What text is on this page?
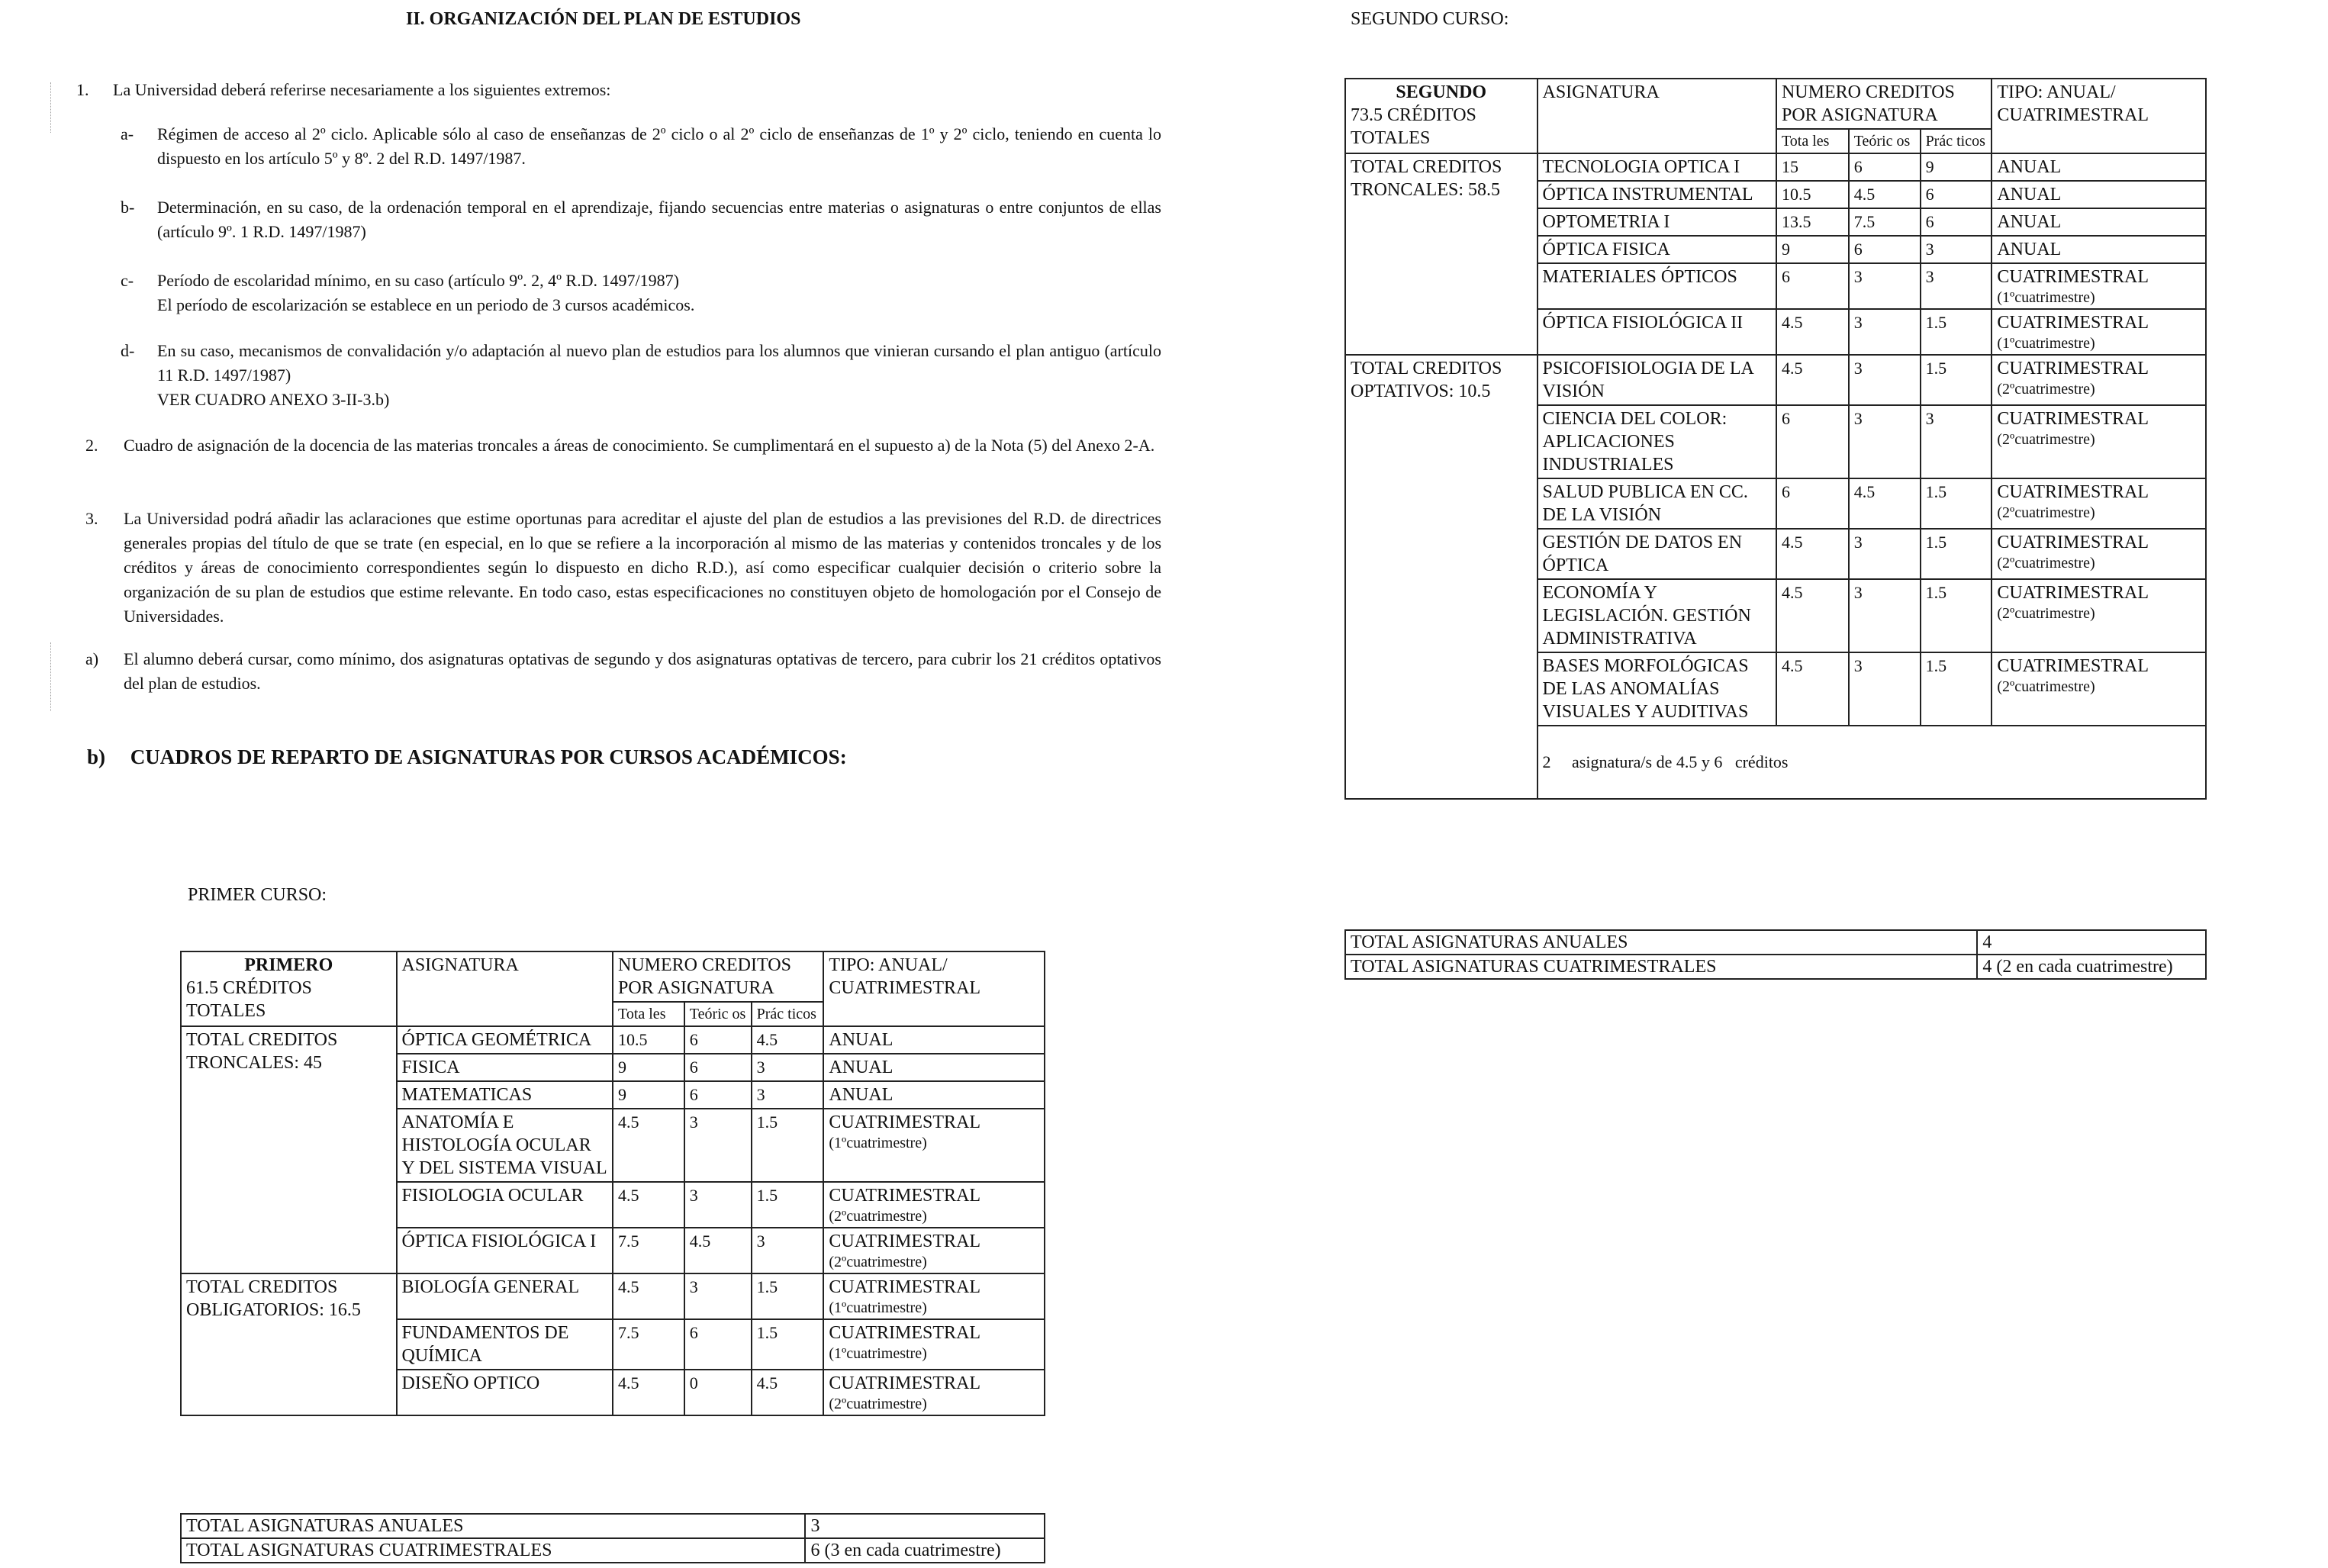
II. ORGANIZACIÓN DEL PLAN DE ESTUDIOS
1. La Universidad deberá referirse necesariamente a los siguientes extremos:
a- Régimen de acceso al 2º ciclo. Aplicable sólo al caso de enseñanzas de 2º ciclo o al 2º ciclo de enseñanzas de 1º y 2º ciclo, teniendo en cuenta lo dispuesto en los artículo 5º y 8º. 2 del R.D. 1497/1987.
b- Determinación, en su caso, de la ordenación temporal en el aprendizaje, fijando secuencias entre materias o asignaturas o entre conjuntos de ellas (artículo 9º. 1 R.D. 1497/1987)
c- Período de escolaridad mínimo, en su caso (artículo 9º. 2, 4º R.D. 1497/1987)
El período de escolarización se establece en un periodo de 3 cursos académicos.
d- En su caso, mecanismos de convalidación y/o adaptación al nuevo plan de estudios para los alumnos que vinieran cursando el plan antiguo (artículo 11 R.D. 1497/1987)
VER CUADRO ANEXO 3-II-3.b)
2. Cuadro de asignación de la docencia de las materias troncales a áreas de conocimiento. Se cumplimentará en el supuesto a) de la Nota (5) del Anexo 2-A.
3. La Universidad podrá añadir las aclaraciones que estime oportunas para acreditar el ajuste del plan de estudios a las previsiones del R.D. de directrices generales propias del título de que se trate (en especial, en lo que se refiere a la incorporación al mismo de las materias y contenidos troncales y de los créditos y áreas de conocimiento correspondientes según lo dispuesto en dicho R.D.), así como especificar cualquier decisión o criterio sobre la organización de su plan de estudios que estime relevante. En todo caso, estas especificaciones no constituyen objeto de homologación por el Consejo de Universidades.
a) El alumno deberá cursar, como mínimo, dos asignaturas optativas de segundo y dos asignaturas optativas de tercero, para cubrir los 21 créditos optativos del plan de estudios.
b) CUADROS DE REPARTO DE ASIGNATURAS POR CURSOS ACADÉMICOS:
PRIMER CURSO:
PRIMERO
61.5 CRÉDITOS
TOTALES	ASIGNATURA	NUMERO CREDITOS POR ASIGNATURA			TIPO: ANUAL/ CUATRIMESTRAL
		Tota les	Teóric os	Prác ticos	
TOTAL CREDITOS TRONCALES: 45	ÓPTICA GEOMÉTRICA	10.5	6	4.5	ANUAL

	FISICA	9	6	3	ANUAL

	MATEMATICAS	9	6	3	ANUAL

	ANATOMÍA E HISTOLOGÍA OCULAR Y DEL SISTEMA VISUAL	4.5	3	1.5	CUATRIMESTRAL
(1ºcuatrimestre)

	FISIOLOGIA OCULAR	4.5	3	1.5	CUATRIMESTRAL
(2ºcuatrimestre)

	ÓPTICA FISIOLÓGICA I	7.5	4.5	3	CUATRIMESTRAL
(2ºcuatrimestre)

TOTAL CREDITOS OBLIGATORIOS: 16.5	BIOLOGÍA GENERAL	4.5	3	1.5	CUATRIMESTRAL
(1ºcuatrimestre)

	FUNDAMENTOS DE QUÍMICA	7.5	6	1.5	CUATRIMESTRAL
(1ºcuatrimestre)

	DISEÑO OPTICO	4.5	0	4.5	CUATRIMESTRAL
(2ºcuatrimestre)
TOTAL ASIGNATURAS ANUALES	3
TOTAL ASIGNATURAS CUATRIMESTRALES	6 (3 en cada cuatrimestre)
SEGUNDO CURSO:
SEGUNDO
73.5 CRÉDITOS
TOTALES	ASIGNATURA	NUMERO CREDITOS POR ASIGNATURA			TIPO: ANUAL/ CUATRIMESTRAL
		Tota les	Teóric os	Prác ticos	
TOTAL CREDITOS TRONCALES: 58.5	TECNOLOGIA OPTICA I	15	6	9	ANUAL

	ÓPTICA INSTRUMENTAL	10.5	4.5	6	ANUAL

	OPTOMETRIA I	13.5	7.5	6	ANUAL

	ÓPTICA FISICA	9	6	3	ANUAL

	MATERIALES ÓPTICOS	6	3	3	CUATRIMESTRAL
(1ºcuatrimestre)

	ÓPTICA FISIOLÓGICA II	4.5	3	1.5	CUATRIMESTRAL
(1ºcuatrimestre)

TOTAL CREDITOS OPTATIVOS: 10.5	PSICOFISIOLOGIA DE LA VISIÓN	4.5	3	1.5	CUATRIMESTRAL
(2ºcuatrimestre)

	CIENCIA DEL COLOR: APLICACIONES INDUSTRIALES	6	3	3	CUATRIMESTRAL
(2ºcuatrimestre)

	SALUD PUBLICA EN CC. DE LA VISIÓN	6	4.5	1.5	CUATRIMESTRAL
(2ºcuatrimestre)

	GESTIÓN DE DATOS EN ÓPTICA	4.5	3	1.5	CUATRIMESTRAL
(2ºcuatrimestre)

	ECONOMÍA Y LEGISLACIÓN. GESTIÓN ADMINISTRATIVA	4.5	3	1.5	CUATRIMESTRAL
(2ºcuatrimestre)

	BASES MORFOLÓGICAS DE LAS ANOMALÍAS VISUALES Y AUDITIVAS	4.5	3	1.5	CUATRIMESTRAL
(2ºcuatrimestre)

	2     asignatura/s de 4.5 y 6   créditos				
TOTAL ASIGNATURAS ANUALES	4
TOTAL ASIGNATURAS CUATRIMESTRALES	4 (2 en cada cuatrimestre)
